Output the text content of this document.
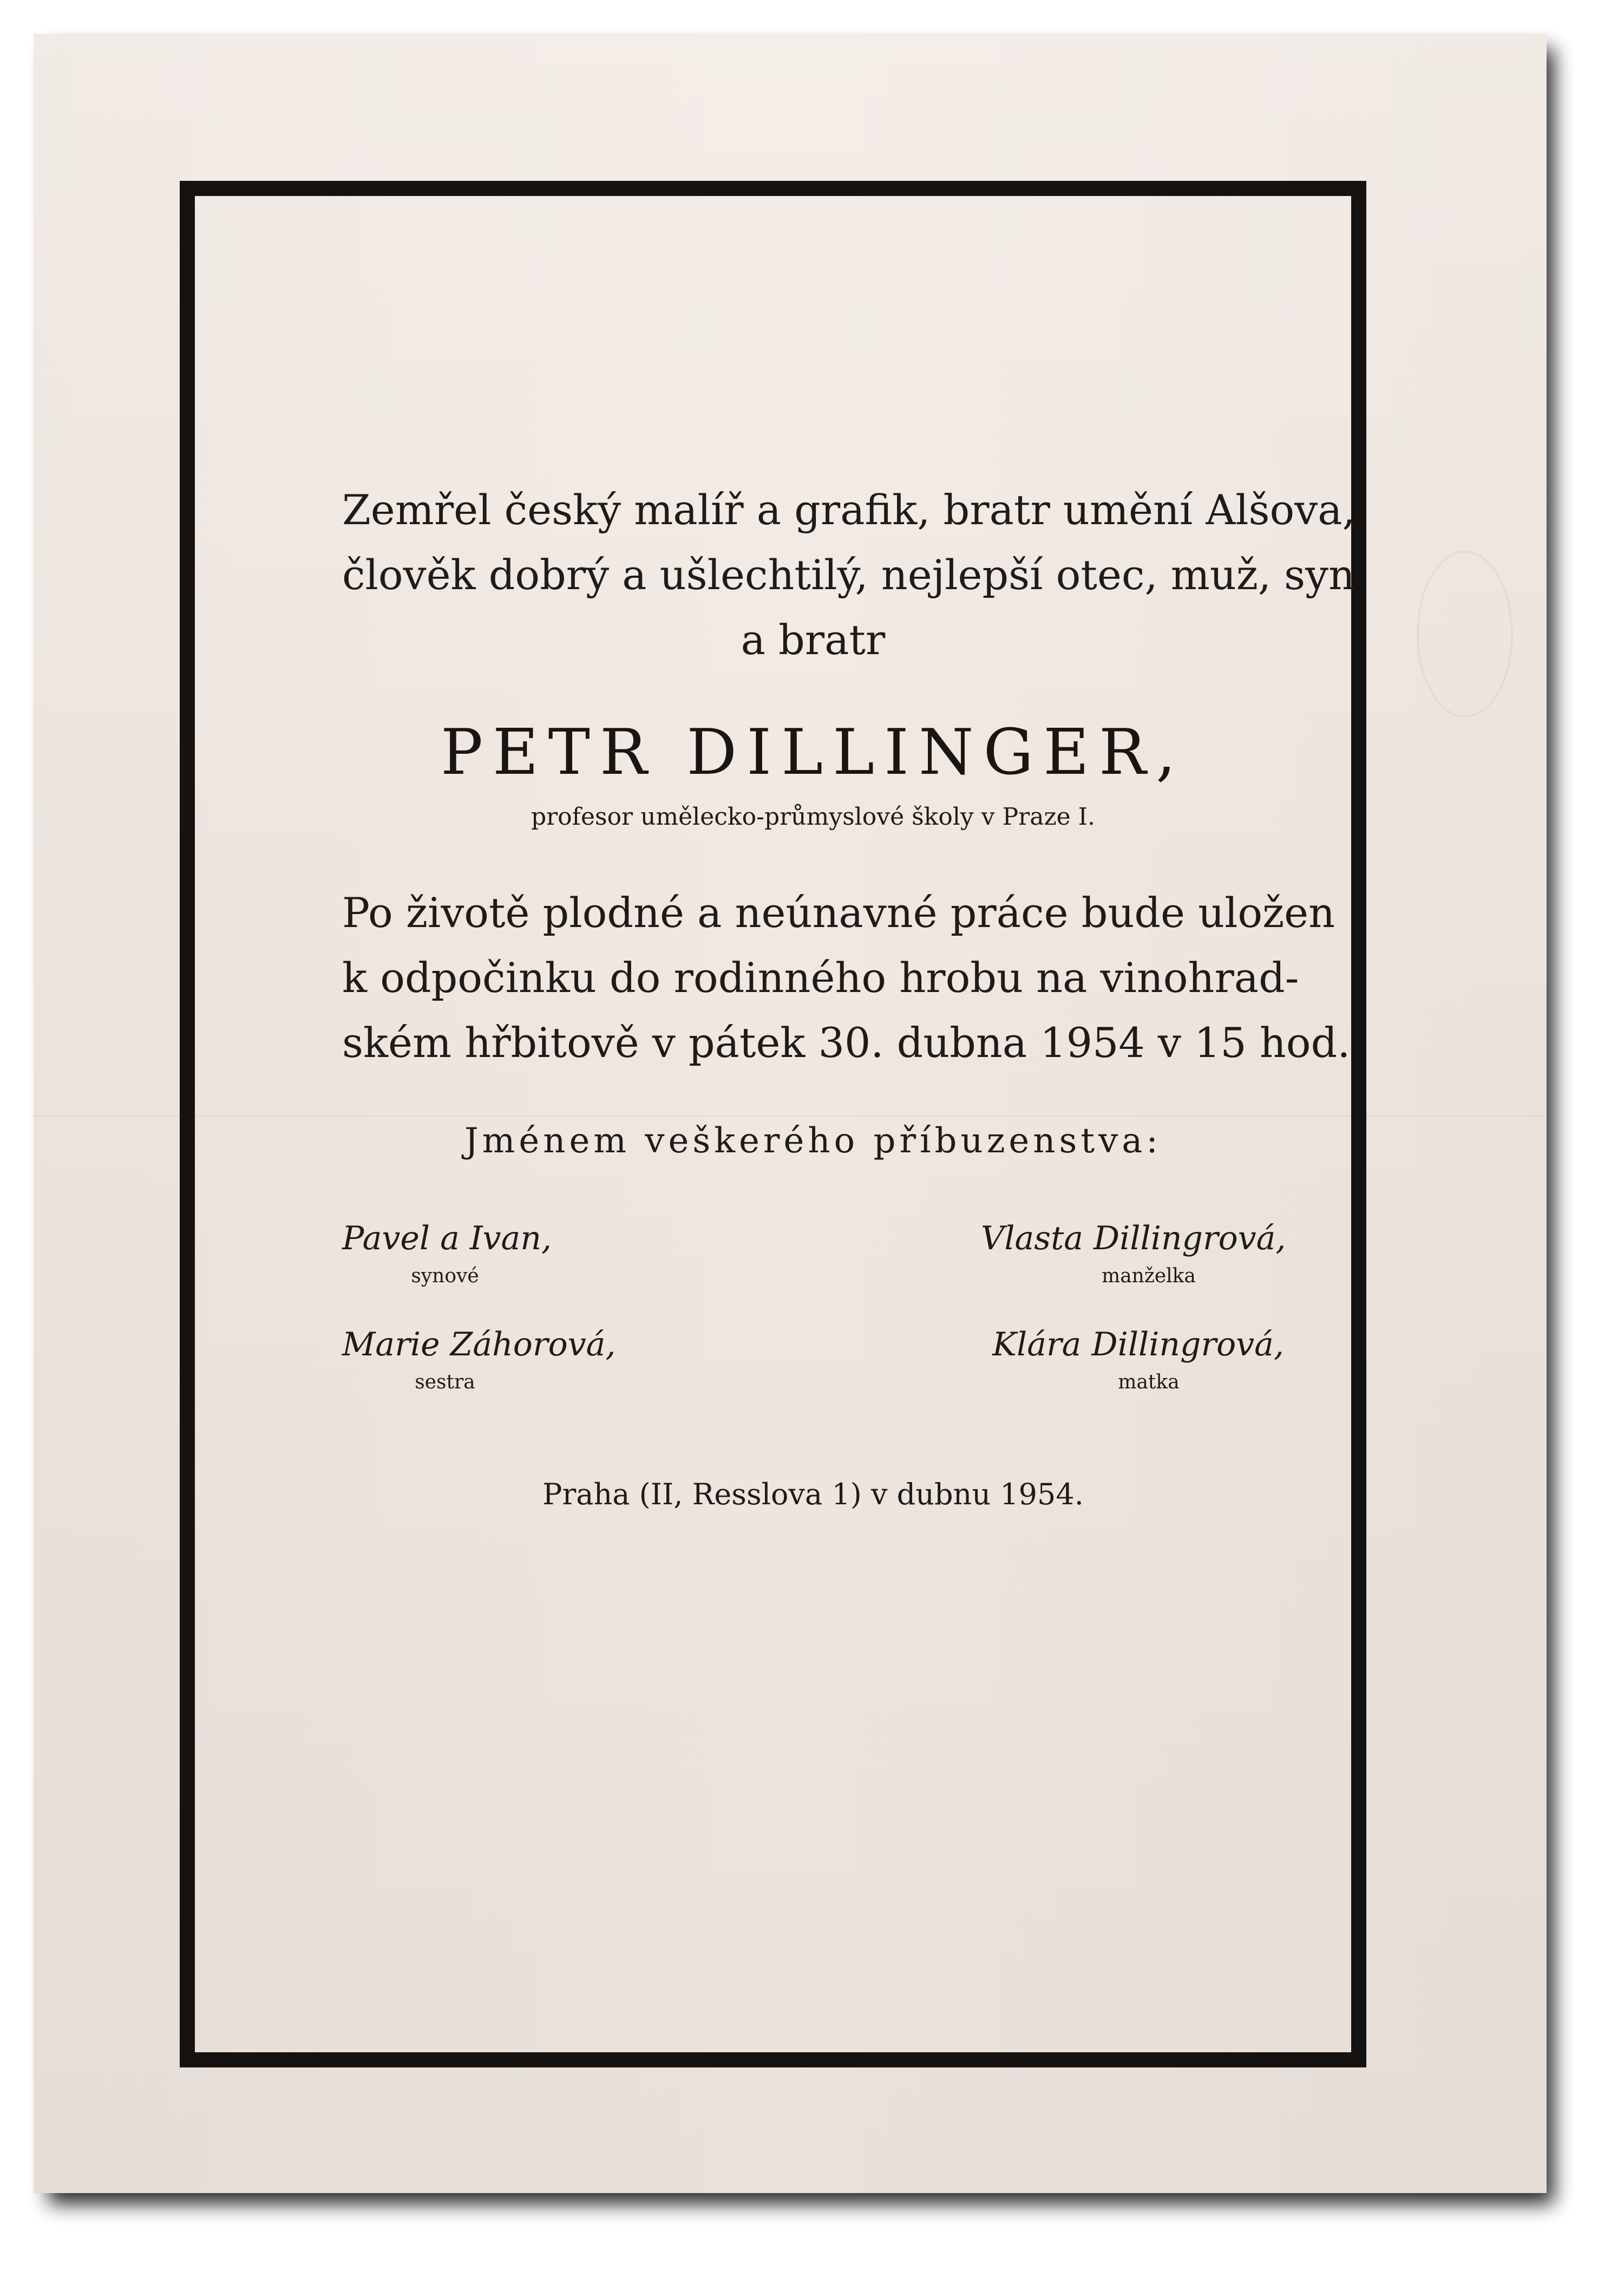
Zemřel český malíř a grafik, bratr umění Alšova,
člověk dobrý a ušlechtilý, nejlepší otec, muž, syn
a bratr

PETR DILLINGER,

profesor umělecko-průmyslové školy v Praze I.

Po životě plodné a neúnavné práce bude uložen
k odpočinku do rodinného hrobu na vinohrad-
ském hřbitově v pátek 30. dubna 1954 v 15 hod.

Jménem veškerého příbuzenstva:
Pavel a Ivan,
synové
Vlasta Dillingrová,
manželka
Marie Záhorová,
sestra
Klára Dillingrová,
matka

Praha (II, Resslova 1) v dubnu 1954.
